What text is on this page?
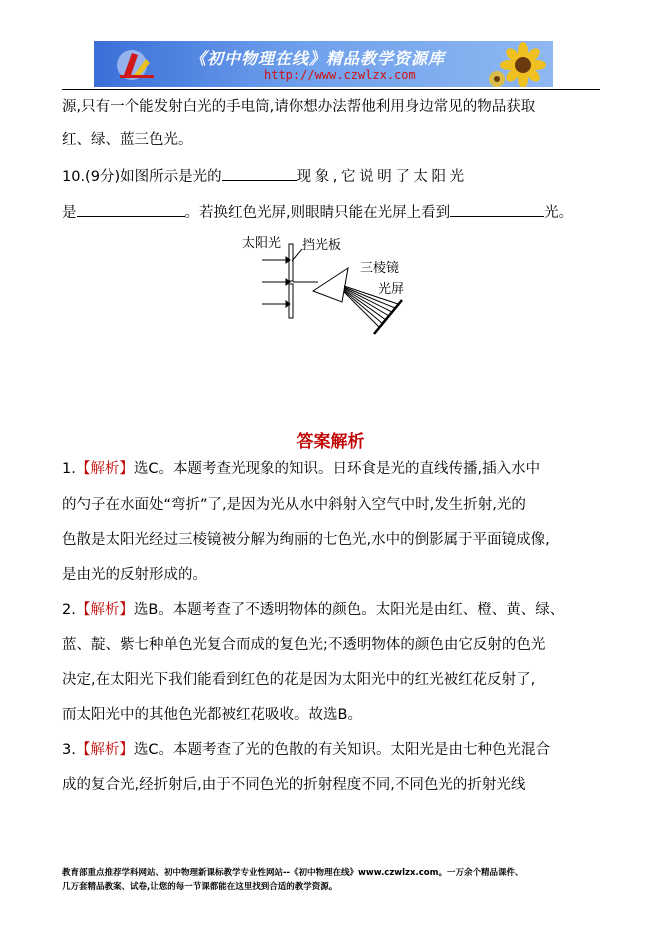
《初中物理在线》精品教学资源库
http://www.czwlzx.com
源,只有一个能发射白光的手电筒,请你想办法帮他利用身边常见的物品获取
红、绿、蓝三色光。
10.(9分)如图所示是光的	现象,它说明了太阳光
是	。若换红色光屏,则眼睛只能在光屏上看到	光。
太阳光 挡光板
三棱镜
光屏
答案解析
1.【解析】选C。本题考查光现象的知识。日环食是光的直线传播,插入水中
的勺子在水面处“弯折”了,是因为光从水中斜射入空气中时,发生折射,光的
色散是太阳光经过三棱镜被分解为绚丽的七色光,水中的倒影属于平面镜成像,
是由光的反射形成的。
2.【解析】选B。本题考查了不透明物体的颜色。太阳光是由红、橙、黄、绿、
蓝、靛、紫七种单色光复合而成的复色光;不透明物体的颜色由它反射的色光
决定,在太阳光下我们能看到红色的花是因为太阳光中的红光被红花反射了,
而太阳光中的其他色光都被红花吸收。故选B。
3.【解析】选C。本题考查了光的色散的有关知识。太阳光是由七种色光混合
成的复合光,经折射后,由于不同色光的折射程度不同,不同色光的折射光线
教育部重点推荐学科网站、初中物理新课标教学专业性网站--《初中物理在线》www.czwlzx.com。一万余个精品课件、
几万套精品教案、试卷,让您的每一节课都能在这里找到合适的教学资源。
